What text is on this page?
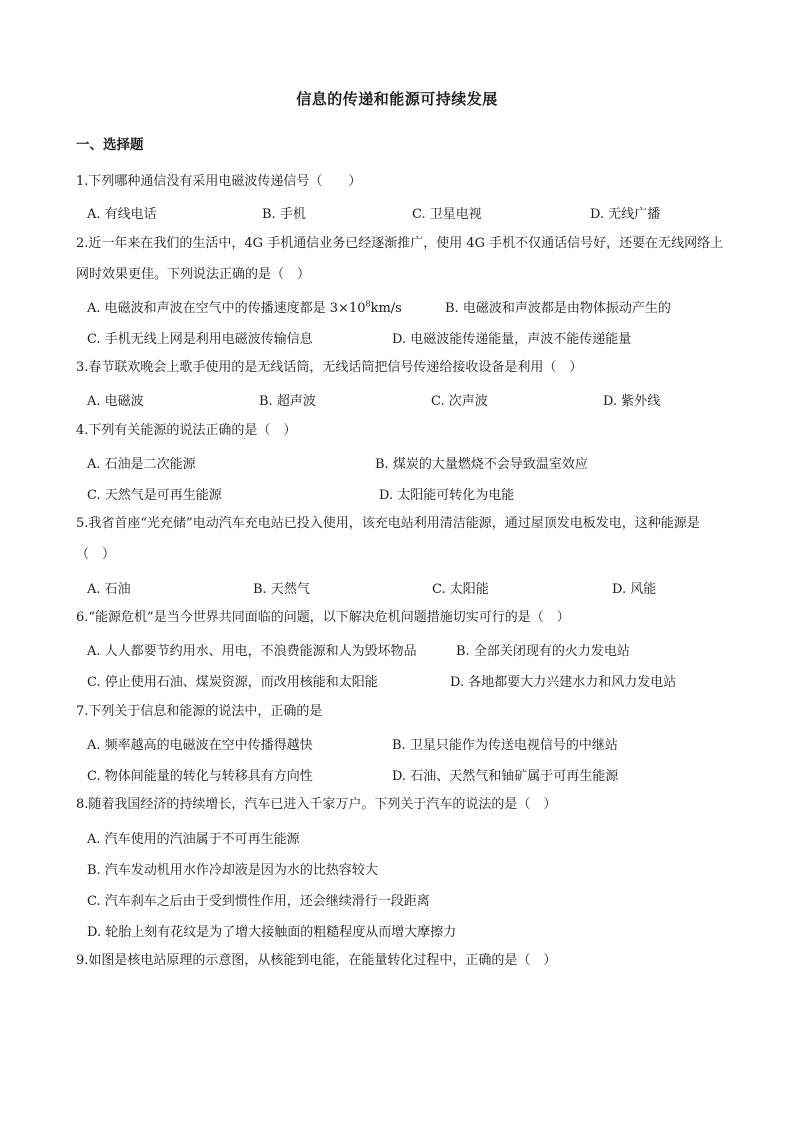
信息的传递和能源可持续发展
一、选择题
1.下列哪种通信没有采用电磁波传递信号（　　）
A. 有线电话	B. 手机	C. 卫星电视	D. 无线广播
2.近一年来在我们的生活中，4G 手机通信业务已经逐渐推广，使用 4G 手机不仅通话信号好，还要在无线网络上网时效果更佳。下列说法正确的是（　）
A. 电磁波和声波在空气中的传播速度都是 $3\times 10^8km/s$	B. 电磁波和声波都是由物体振动产生的
C. 手机无线上网是利用电磁波传输信息	D. 电磁波能传递能量，声波不能传递能量
3.春节联欢晚会上歌手使用的是无线话筒，无线话筒把信号传递给接收设备是利用（　）
A. 电磁波	B. 超声波	C. 次声波	D. 紫外线
4.下列有关能源的说法正确的是（　）
A. 石油是二次能源	B. 煤炭的大量燃烧不会导致温室效应
C. 天然气是可再生能源	D. 太阳能可转化为电能
5.我省首座“光充储”电动汽车充电站已投入使用，该充电站利用清洁能源，通过屋顶发电板发电，这种能源是（　）
A. 石油	B. 天然气	C. 太阳能	D. 风能
6.“能源危机”是当今世界共同面临的问题，以下解决危机问题措施切实可行的是（　）
A. 人人都要节约用水、用电，不浪费能源和人为毁坏物品	B. 全部关闭现有的火力发电站
C. 停止使用石油、煤炭资源，而改用核能和太阳能	D. 各地都要大力兴建水力和风力发电站
7.下列关于信息和能源的说法中，正确的是
A. 频率越高的电磁波在空中传播得越快	B. 卫星只能作为传送电视信号的中继站
C. 物体间能量的转化与转移具有方向性	D. 石油、天然气和铀矿属于可再生能源
8.随着我国经济的持续增长，汽车已进入千家万户。下列关于汽车的说法的是（　）
A. 汽车使用的汽油属于不可再生能源
B. 汽车发动机用水作冷却液是因为水的比热容较大
C. 汽车刹车之后由于受到惯性作用，还会继续滑行一段距离
D. 轮胎上刻有花纹是为了增大接触面的粗糙程度从而增大摩擦力
9.如图是核电站原理的示意图，从核能到电能，在能量转化过程中，正确的是（　）
